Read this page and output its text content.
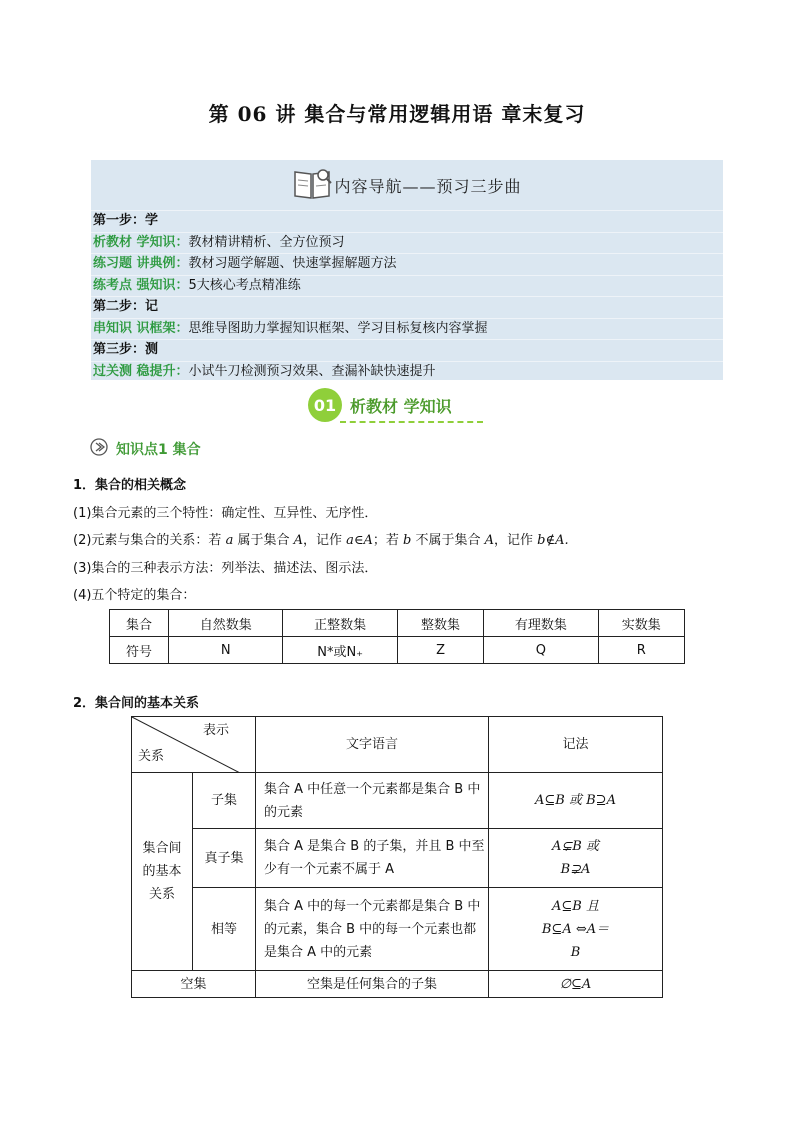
第 06 讲 集合与常用逻辑用语 章末复习
内容导航——预习三步曲
第一步：学
析教材 学知识：教材精讲精析、全方位预习
练习题 讲典例：教材习题学解题、快速掌握解题方法
练考点 强知识：5大核心考点精准练
第二步：记
串知识 识框架：思维导图助力掌握知识框架、学习目标复核内容掌握
第三步：测
过关测 稳提升：小试牛刀检测预习效果、查漏补缺快速提升
01 析教材 学知识
知识点1 集合
1．集合的相关概念
(1)集合元素的三个特性：确定性、互异性、无序性．
(2)元素与集合的关系：若 a 属于集合 A，记作 a∈A；若 b 不属于集合 A，记作 b∉A.
(3)集合的三种表示方法：列举法、描述法、图示法．
(4)五个特定的集合：
集合	自然数集	正整数集	整数集	有理数集	实数集
符号	N	N*或N₊	Z	Q	R
2．集合间的基本关系
表示
关系		文字语言	记法
集合间的基本关系	子集	集合 A 中任意一个元素都是集合 B 中的元素	A⊆B 或 B⊇A
	真子集	集合 A 是集合 B 的子集，并且 B 中至少有一个元素不属于 A	A⊊B 或 B⊋A
	相等	集合 A 中的每一个元素都是集合 B 中的元素，集合 B 中的每一个元素也都是集合 A 中的元素	A⊆B 且 B⊆A ⇔A＝B
空集		空集是任何集合的子集	∅⊆A
